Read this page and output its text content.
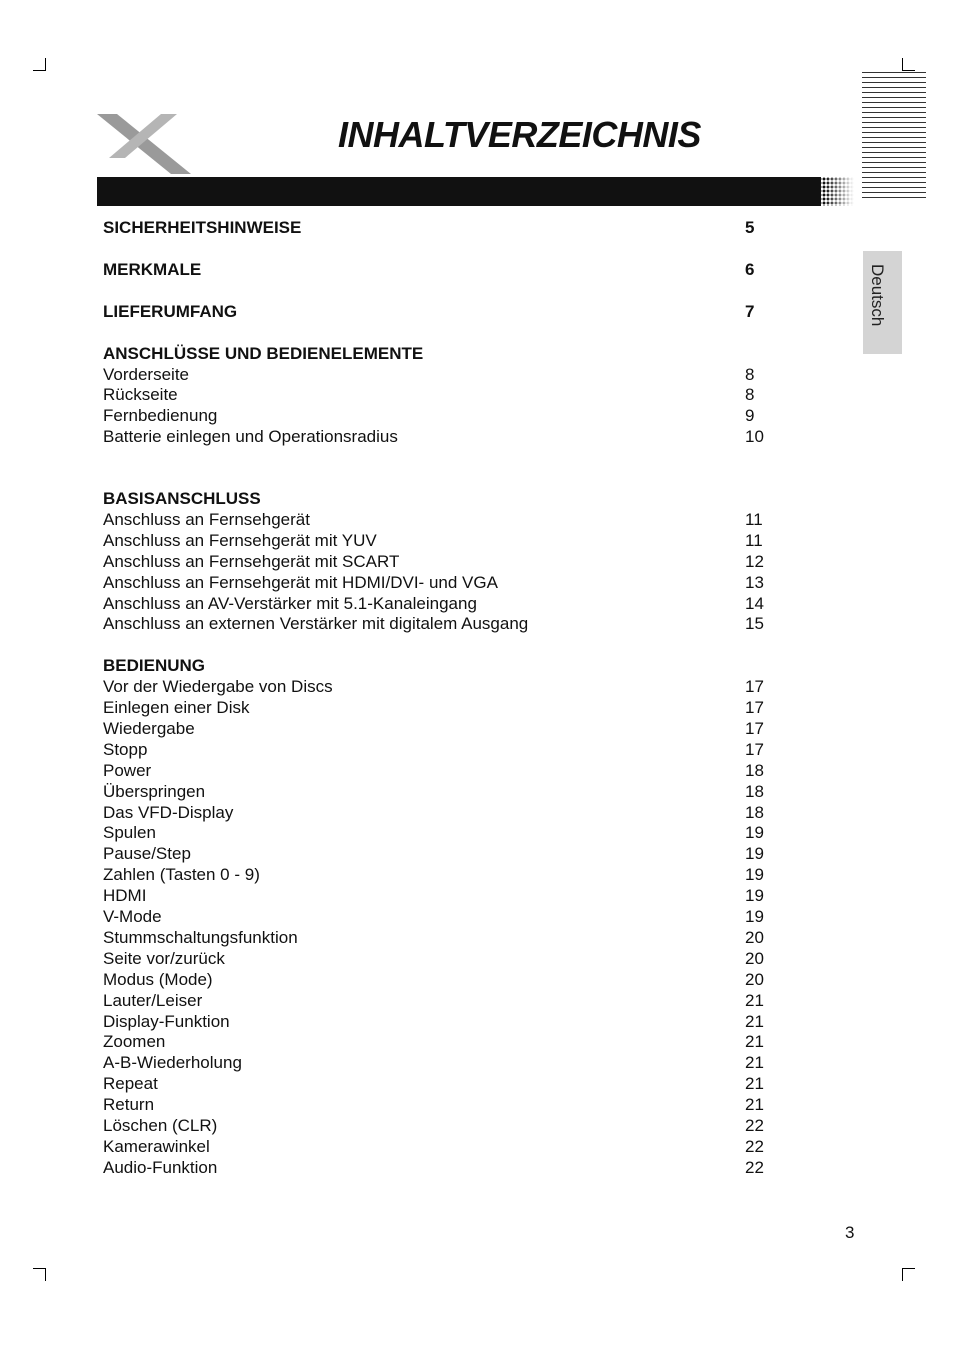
INHALTVERZEICHNIS
Deutsch
SICHERHEITSHINWEISE	5
MERKMALE	6
LIEFERUMFANG	7
ANSCHLÜSSE UND BEDIENELEMENTE
Vorderseite	8
Rückseite	8
Fernbedienung	9
Batterie einlegen und Operationsradius	10
BASISANSCHLUSS
Anschluss an Fernsehgerät	11
Anschluss an Fernsehgerät mit YUV	11
Anschluss an Fernsehgerät mit SCART	12
Anschluss an Fernsehgerät mit HDMI/DVI- und VGA	13
Anschluss an AV-Verstärker mit 5.1-Kanaleingang	14
Anschluss an externen Verstärker mit digitalem Ausgang	15
BEDIENUNG
Vor der Wiedergabe von Discs	17
Einlegen einer Disk	17
Wiedergabe	17
Stopp	17
Power	18
Überspringen	18
Das VFD-Display	18
Spulen	19
Pause/Step	19
Zahlen (Tasten 0 - 9)	19
HDMI	19
V-Mode	19
Stummschaltungsfunktion	20
Seite vor/zurück	20
Modus (Mode)	20
Lauter/Leiser	21
Display-Funktion	21
Zoomen	21
A-B-Wiederholung	21
Repeat	21
Return	21
Löschen (CLR)	22
Kamerawinkel	22
Audio-Funktion	22
3
